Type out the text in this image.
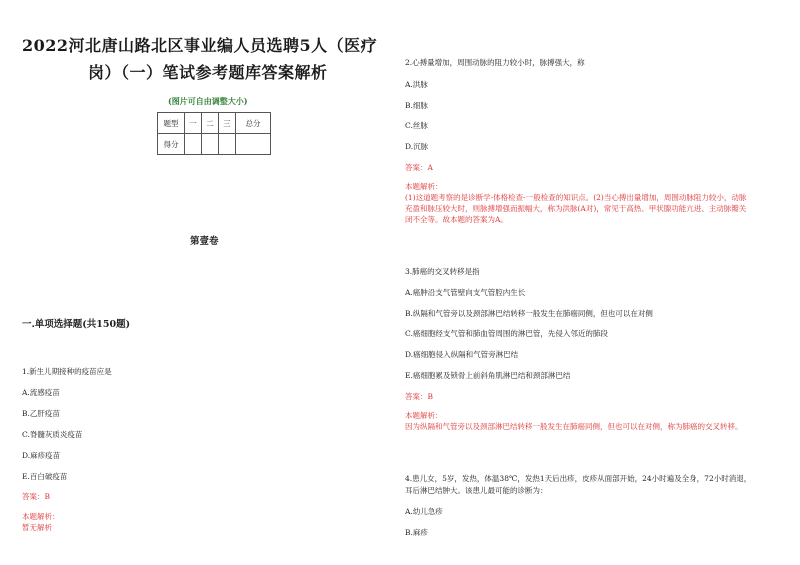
2022河北唐山路北区事业编人员选聘5人（医疗
岗）（一）笔试参考题库答案解析
(图片可自由调整大小)
题型	一	二	三	总分
得分				
第壹卷
一.单项选择题(共150题)
1.新生儿期接种的疫苗应是
A.流感疫苗
B.乙肝疫苗
C.脊髓灰质炎疫苗
D.麻疹疫苗
E.百白破疫苗
答案：B
本题解析：
暂无解析
2.心搏量增加，周围动脉的阻力较小时，脉搏强大，称
A.洪脉
B.细脉
C.丝脉
D.沉脉
答案：A
本题解析：
(1)这道题考察的是诊断学-体格检查-一般检查的知识点。(2)当心搏出量增加，周围动脉阻力较小，动脉
充盈和脉压较大时，则脉搏增强而振幅大，称为洪脉(A对)，常见于高热、甲状腺功能亢进、主动脉瓣关
闭不全等。故本题的答案为A。
3.肺癌的交叉转移是指
A.癌肿沿支气管壁向支气管腔内生长
B.纵隔和气管旁以及颈部淋巴结转移一般发生在肺癌同侧，但也可以在对侧
C.癌细胞经支气管和肺血管周围的淋巴管，先侵入邻近的肺段
D.癌细胞侵入纵隔和气管旁淋巴结
E.癌细胞累及锁骨上前斜角肌淋巴结和颈部淋巴结
答案：B
本题解析：
因为纵隔和气管旁以及颈部淋巴结转移一般发生在肺癌同侧，但也可以在对侧，称为肺癌的交叉转移。
4.患儿女，5岁，发热，体温38℃，发热1天后出疹，皮疹从面部开始，24小时遍及全身，72小时消退，
耳后淋巴结肿大。该患儿最可能的诊断为：
A.幼儿急疹
B.麻疹
